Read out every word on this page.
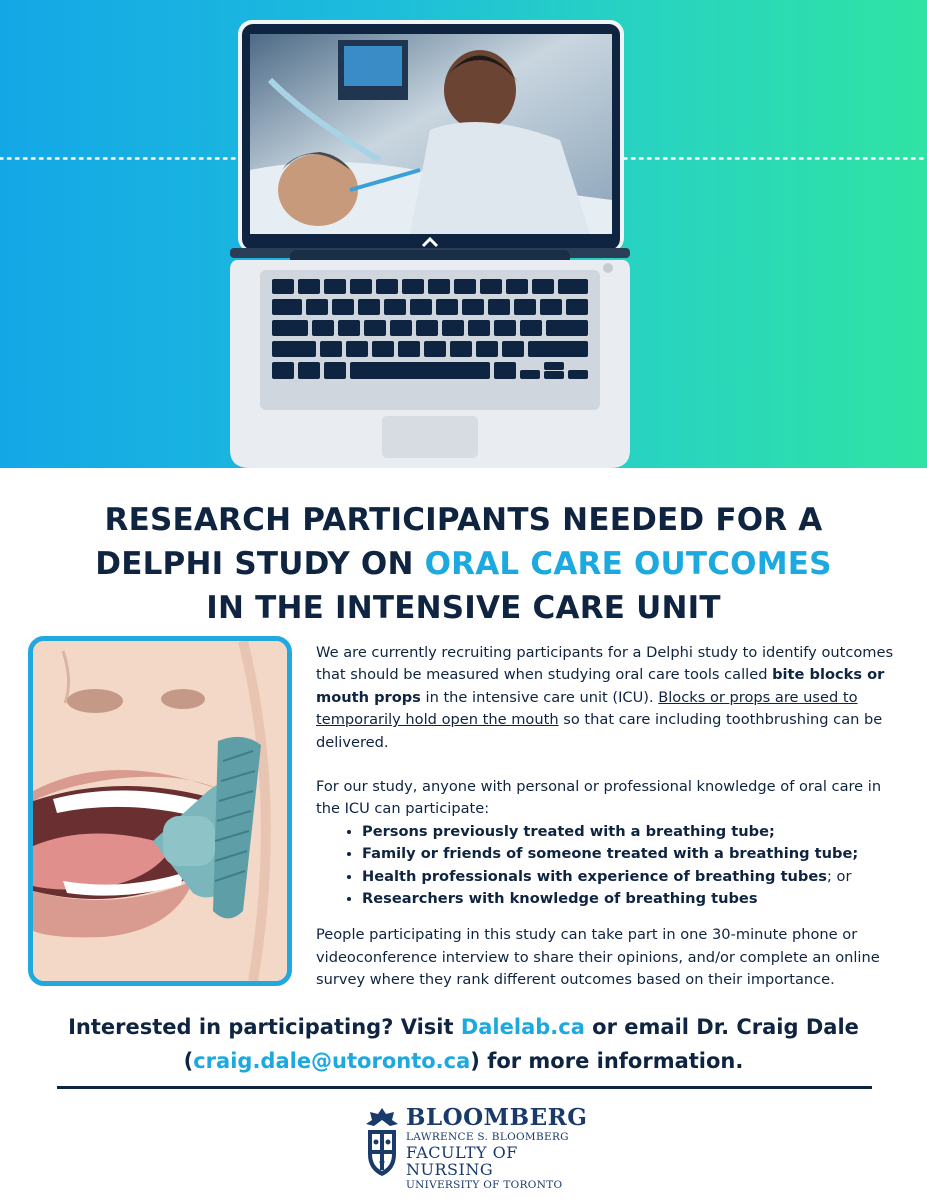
RESEARCH PARTICIPANTS NEEDED FOR A
DELPHI STUDY ON ORAL CARE OUTCOMES
IN THE INTENSIVE CARE UNIT

We are currently recruiting participants for a Delphi study to identify outcomes that should be measured when studying oral care tools called bite blocks or mouth props in the intensive care unit (ICU). Blocks or props are used to temporarily hold open the mouth so that care including toothbrushing can be delivered.

For our study, anyone with personal or professional knowledge of oral care in the ICU can participate:

• Persons previously treated with a breathing tube;
• Family or friends of someone treated with a breathing tube;
• Health professionals with experience of breathing tubes; or
• Researchers with knowledge of breathing tubes

People participating in this study can take part in one 30-minute phone or videoconference interview to share their opinions, and/or complete an online survey where they rank different outcomes based on their importance.

Interested in participating? Visit Dalelab.ca or email Dr. Craig Dale
(craig.dale@utoronto.ca) for more information.
BLOOMBERG
LAWRENCE S. BLOOMBERG
FACULTY OF NURSING
UNIVERSITY OF TORONTO
